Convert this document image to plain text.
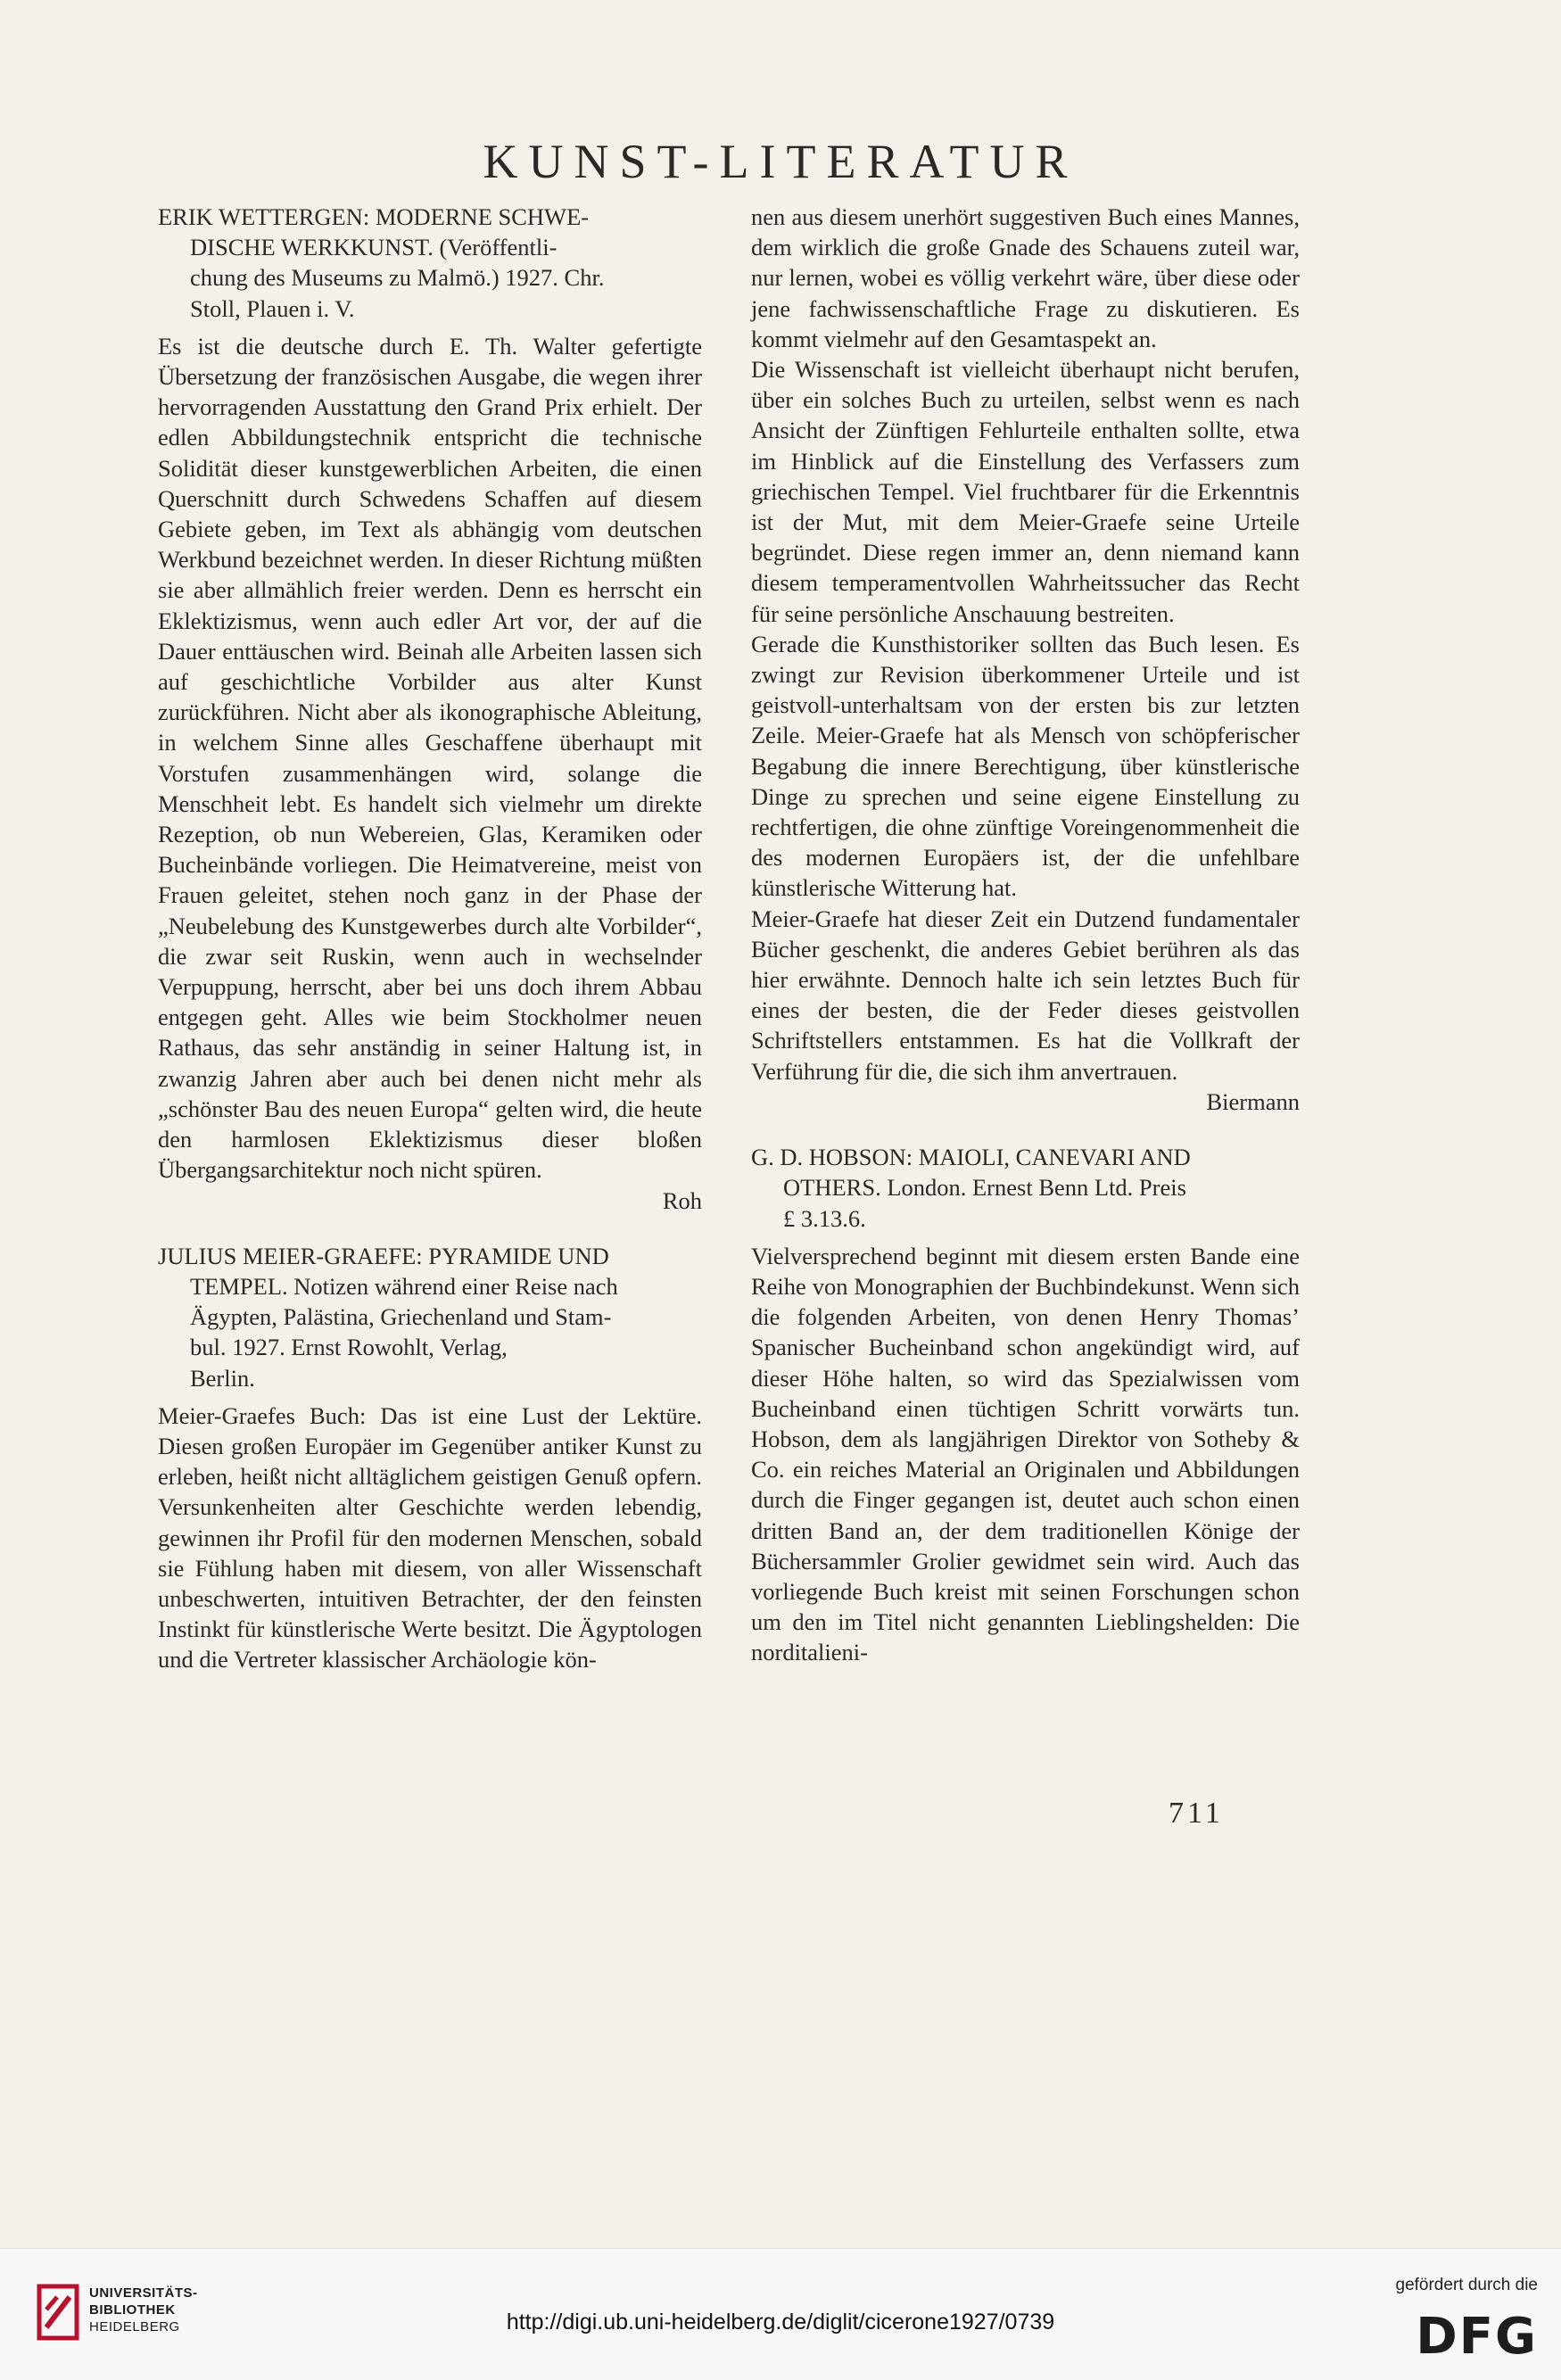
KUNST-LITERATUR
ERIK WETTERGEN: MODERNE SCHWE-
DISCHE WERKKUNST. (Veröffentli-
chung des Museums zu Malmö.) 1927. Chr.
Stoll, Plauen i. V.

Es ist die deutsche durch E. Th. Walter gefertigte Übersetzung der französischen Ausgabe, die wegen ihrer hervorragenden Ausstattung den Grand Prix erhielt. Der edlen Abbildungstechnik entspricht die technische Solidität dieser kunstgewerblichen Arbeiten, die einen Querschnitt durch Schwedens Schaffen auf diesem Gebiete geben, im Text als abhängig vom deutschen Werkbund bezeichnet werden. In dieser Richtung müßten sie aber allmählich freier werden. Denn es herrscht ein Eklektizismus, wenn auch edler Art vor, der auf die Dauer enttäuschen wird. Beinah alle Arbeiten lassen sich auf geschichtliche Vorbilder aus alter Kunst zurückführen. Nicht aber als ikonographische Ableitung, in welchem Sinne alles Geschaffene überhaupt mit Vorstufen zusammenhängen wird, solange die Menschheit lebt. Es handelt sich vielmehr um direkte Rezeption, ob nun Webereien, Glas, Keramiken oder Bucheinbände vorliegen. Die Heimatvereine, meist von Frauen geleitet, stehen noch ganz in der Phase der „Neubelebung des Kunstgewerbes durch alte Vorbilder“, die zwar seit Ruskin, wenn auch in wechselnder Verpuppung, herrscht, aber bei uns doch ihrem Abbau entgegen geht. Alles wie beim Stockholmer neuen Rathaus, das sehr anständig in seiner Haltung ist, in zwanzig Jahren aber auch bei denen nicht mehr als „schönster Bau des neuen Europa“ gelten wird, die heute den harmlosen Eklektizismus dieser bloßen Übergangsarchitektur noch nicht spüren.

Roh

JULIUS MEIER-GRAEFE: PYRAMIDE UND
TEMPEL. Notizen während einer Reise nach
Ägypten, Palästina, Griechenland und Stam-
bul. 1927. Ernst Rowohlt, Verlag,
Berlin.

Meier-Graefes Buch: Das ist eine Lust der Lektüre. Diesen großen Europäer im Gegenüber antiker Kunst zu erleben, heißt nicht alltäglichem geistigen Genuß opfern. Versunkenheiten alter Geschichte werden lebendig, gewinnen ihr Profil für den modernen Menschen, sobald sie Fühlung haben mit diesem, von aller Wissenschaft unbeschwerten, intuitiven Betrachter, der den feinsten Instinkt für künstlerische Werte besitzt. Die Ägyptologen und die Vertreter klassischer Archäologie kön-

nen aus diesem unerhört suggestiven Buch eines Mannes, dem wirklich die große Gnade des Schauens zuteil war, nur lernen, wobei es völlig verkehrt wäre, über diese oder jene fachwissenschaftliche Frage zu diskutieren. Es kommt vielmehr auf den Gesamtaspekt an.

Die Wissenschaft ist vielleicht überhaupt nicht berufen, über ein solches Buch zu urteilen, selbst wenn es nach Ansicht der Zünftigen Fehlurteile enthalten sollte, etwa im Hinblick auf die Einstellung des Verfassers zum griechischen Tempel. Viel fruchtbarer für die Erkenntnis ist der Mut, mit dem Meier-Graefe seine Urteile begründet. Diese regen immer an, denn niemand kann diesem temperamentvollen Wahrheitssucher das Recht für seine persönliche Anschauung bestreiten.

Gerade die Kunsthistoriker sollten das Buch lesen. Es zwingt zur Revision überkommener Urteile und ist geistvoll-unterhaltsam von der ersten bis zur letzten Zeile. Meier-Graefe hat als Mensch von schöpferischer Begabung die innere Berechtigung, über künstlerische Dinge zu sprechen und seine eigene Einstellung zu rechtfertigen, die ohne zünftige Voreingenommenheit die des modernen Europäers ist, der die unfehlbare künstlerische Witterung hat.

Meier-Graefe hat dieser Zeit ein Dutzend fundamentaler Bücher geschenkt, die anderes Gebiet berühren als das hier erwähnte. Dennoch halte ich sein letztes Buch für eines der besten, die der Feder dieses geistvollen Schriftstellers entstammen. Es hat die Vollkraft der Verführung für die, die sich ihm anvertrauen.

Biermann

G. D. HOBSON: MAIOLI, CANEVARI AND
OTHERS. London. Ernest Benn Ltd. Preis
£ 3.13.6.

Vielversprechend beginnt mit diesem ersten Bande eine Reihe von Monographien der Buchbindekunst. Wenn sich die folgenden Arbeiten, von denen Henry Thomas’ Spanischer Bucheinband schon angekündigt wird, auf dieser Höhe halten, so wird das Spezialwissen vom Bucheinband einen tüchtigen Schritt vorwärts tun. Hobson, dem als langjährigen Direktor von Sotheby & Co. ein reiches Material an Originalen und Abbildungen durch die Finger gegangen ist, deutet auch schon einen dritten Band an, der dem traditionellen Könige der Büchersammler Grolier gewidmet sein wird. Auch das vorliegende Buch kreist mit seinen Forschungen schon um den im Titel nicht genannten Lieblingshelden: Die norditalieni-

711
UNIVERSITÄTS-
BIBLIOTHEK
HEIDELBERG	http://digi.ub.uni-heidelberg.de/diglit/cicerone1927/0739
gefördert durch die
DFG
